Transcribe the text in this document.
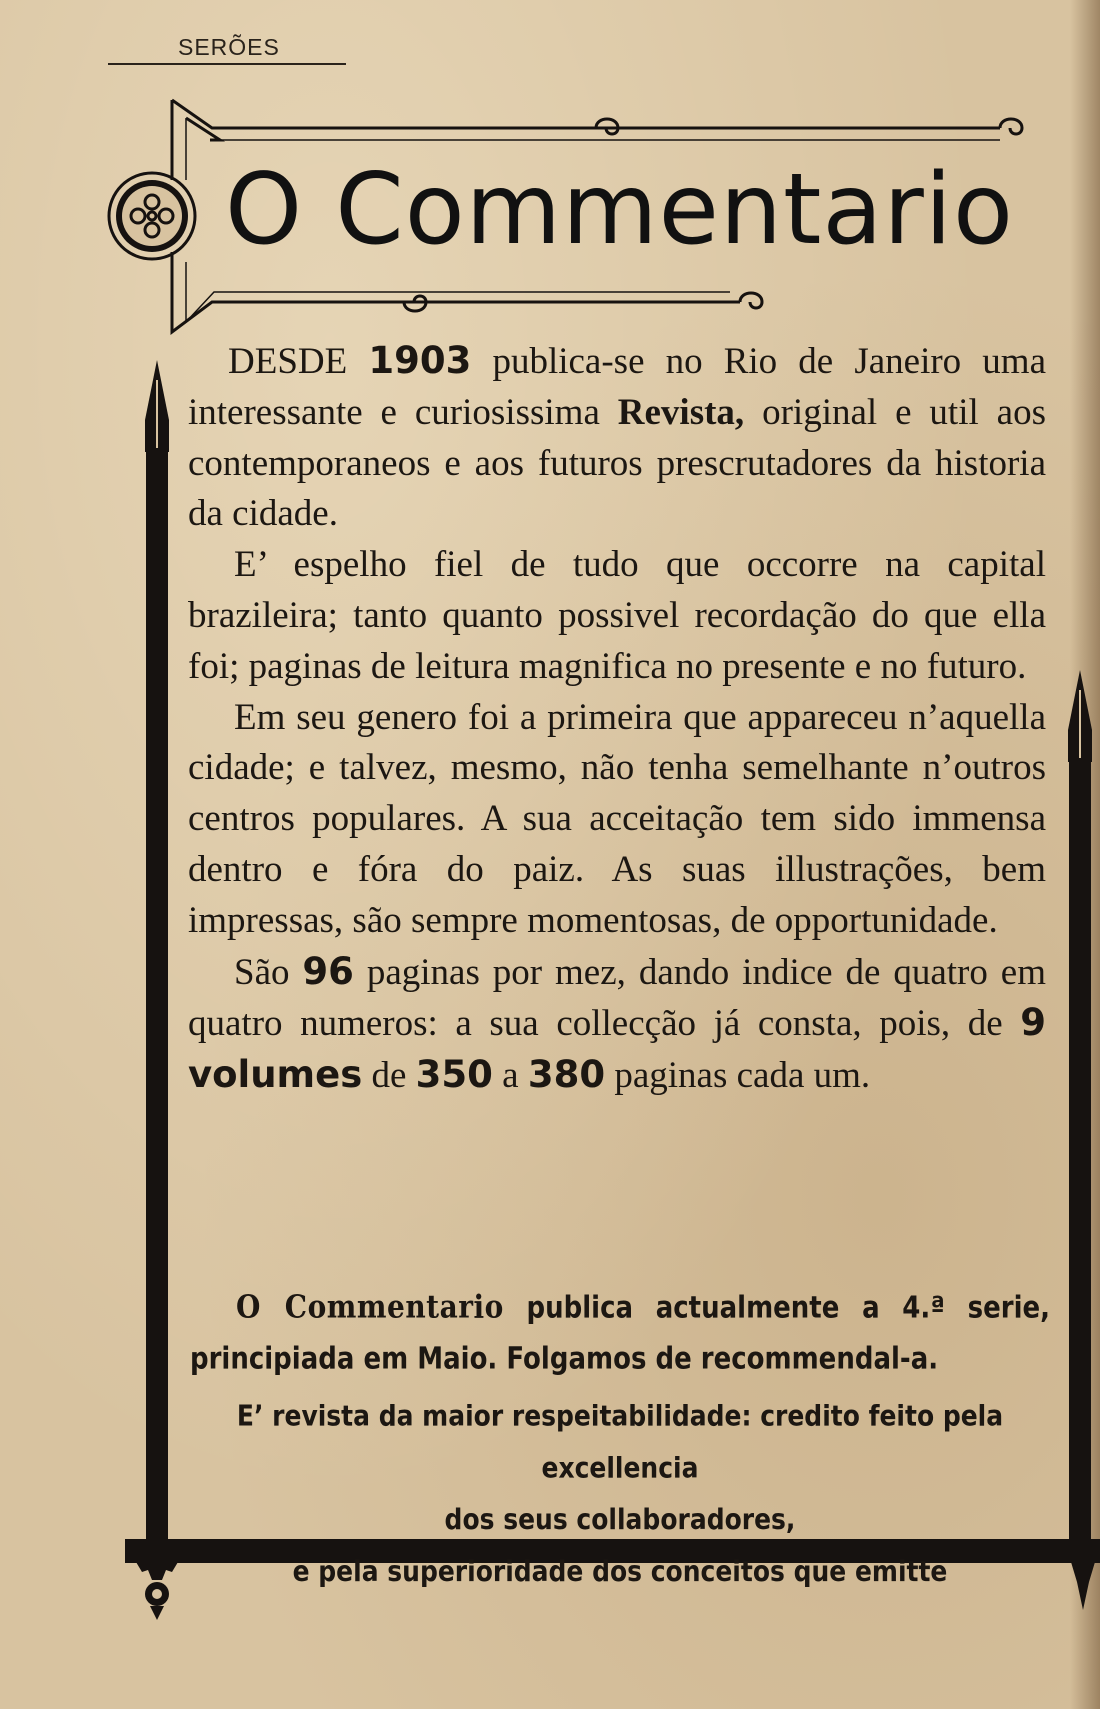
SERÕES
O Commentario

DESDE 1903 publica-se no Rio de Janeiro uma interessante e curiosissima Revista, original e util aos contemporaneos e aos futuros prescrutadores da historia da cidade.

E’ espelho fiel de tudo que occorre na capital brazileira; tanto quanto possivel recordação do que ella foi; paginas de leitura magnifica no presente e no futuro.

Em seu genero foi a primeira que appareceu n’aquella cidade; e talvez, mesmo, não tenha semelhante n’outros centros populares. A sua acceitação tem sido immensa dentro e fóra do paiz. As suas illustrações, bem impressas, são sempre momentosas, de opportunidade.

São 96 paginas por mez, dando indice de quatro em quatro numeros: a sua collecção já consta, pois, de 9 volumes de 350 a 380 paginas cada um.

O Commentario publica actualmente a 4.ª serie, principiada em Maio. Folgamos de recommendal-a.

E’ revista da maior respeitabilidade: credito feito pela excellencia
dos seus collaboradores,
e pela superioridade dos conceitos que emitte
